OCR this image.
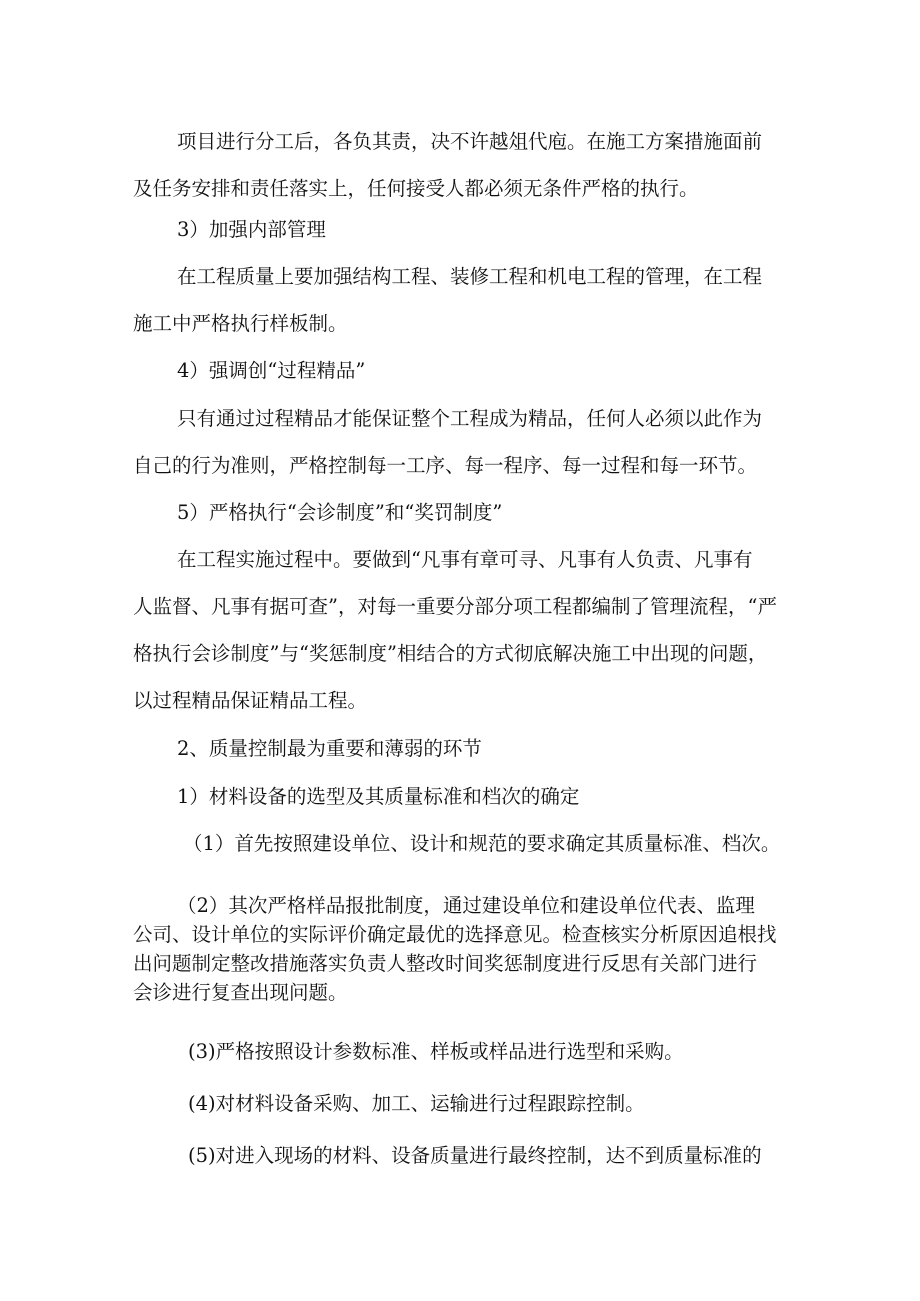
项目进行分工后，各负其责，决不许越俎代庖。在施工方案措施面前
及任务安排和责任落实上，任何接受人都必须无条件严格的执行。
3）加强内部管理
在工程质量上要加强结构工程、装修工程和机电工程的管理，在工程
施工中严格执行样板制。
4）强调创“过程精品”
只有通过过程精品才能保证整个工程成为精品，任何人必须以此作为
自己的行为准则，严格控制每一工序、每一程序、每一过程和每一环节。
5）严格执行“会诊制度”和“奖罚制度”
在工程实施过程中。要做到“凡事有章可寻、凡事有人负责、凡事有
人监督、凡事有据可查”，对每一重要分部分项工程都编制了管理流程，“严
格执行会诊制度”与“奖惩制度”相结合的方式彻底解决施工中出现的问题，
以过程精品保证精品工程。
2、质量控制最为重要和薄弱的环节
1）材料设备的选型及其质量标准和档次的确定
（1）首先按照建设单位、设计和规范的要求确定其质量标准、档次。
（2）其次严格样品报批制度，通过建设单位和建设单位代表、监理
公司、设计单位的实际评价确定最优的选择意见。检查核实分析原因追根找
出问题制定整改措施落实负责人整改时间奖惩制度进行反思有关部门进行
会诊进行复查出现问题。
(3)严格按照设计参数标准、样板或样品进行选型和采购。
(4)对材料设备采购、加工、运输进行过程跟踪控制。
(5)对进入现场的材料、设备质量进行最终控制，达不到质量标准的
